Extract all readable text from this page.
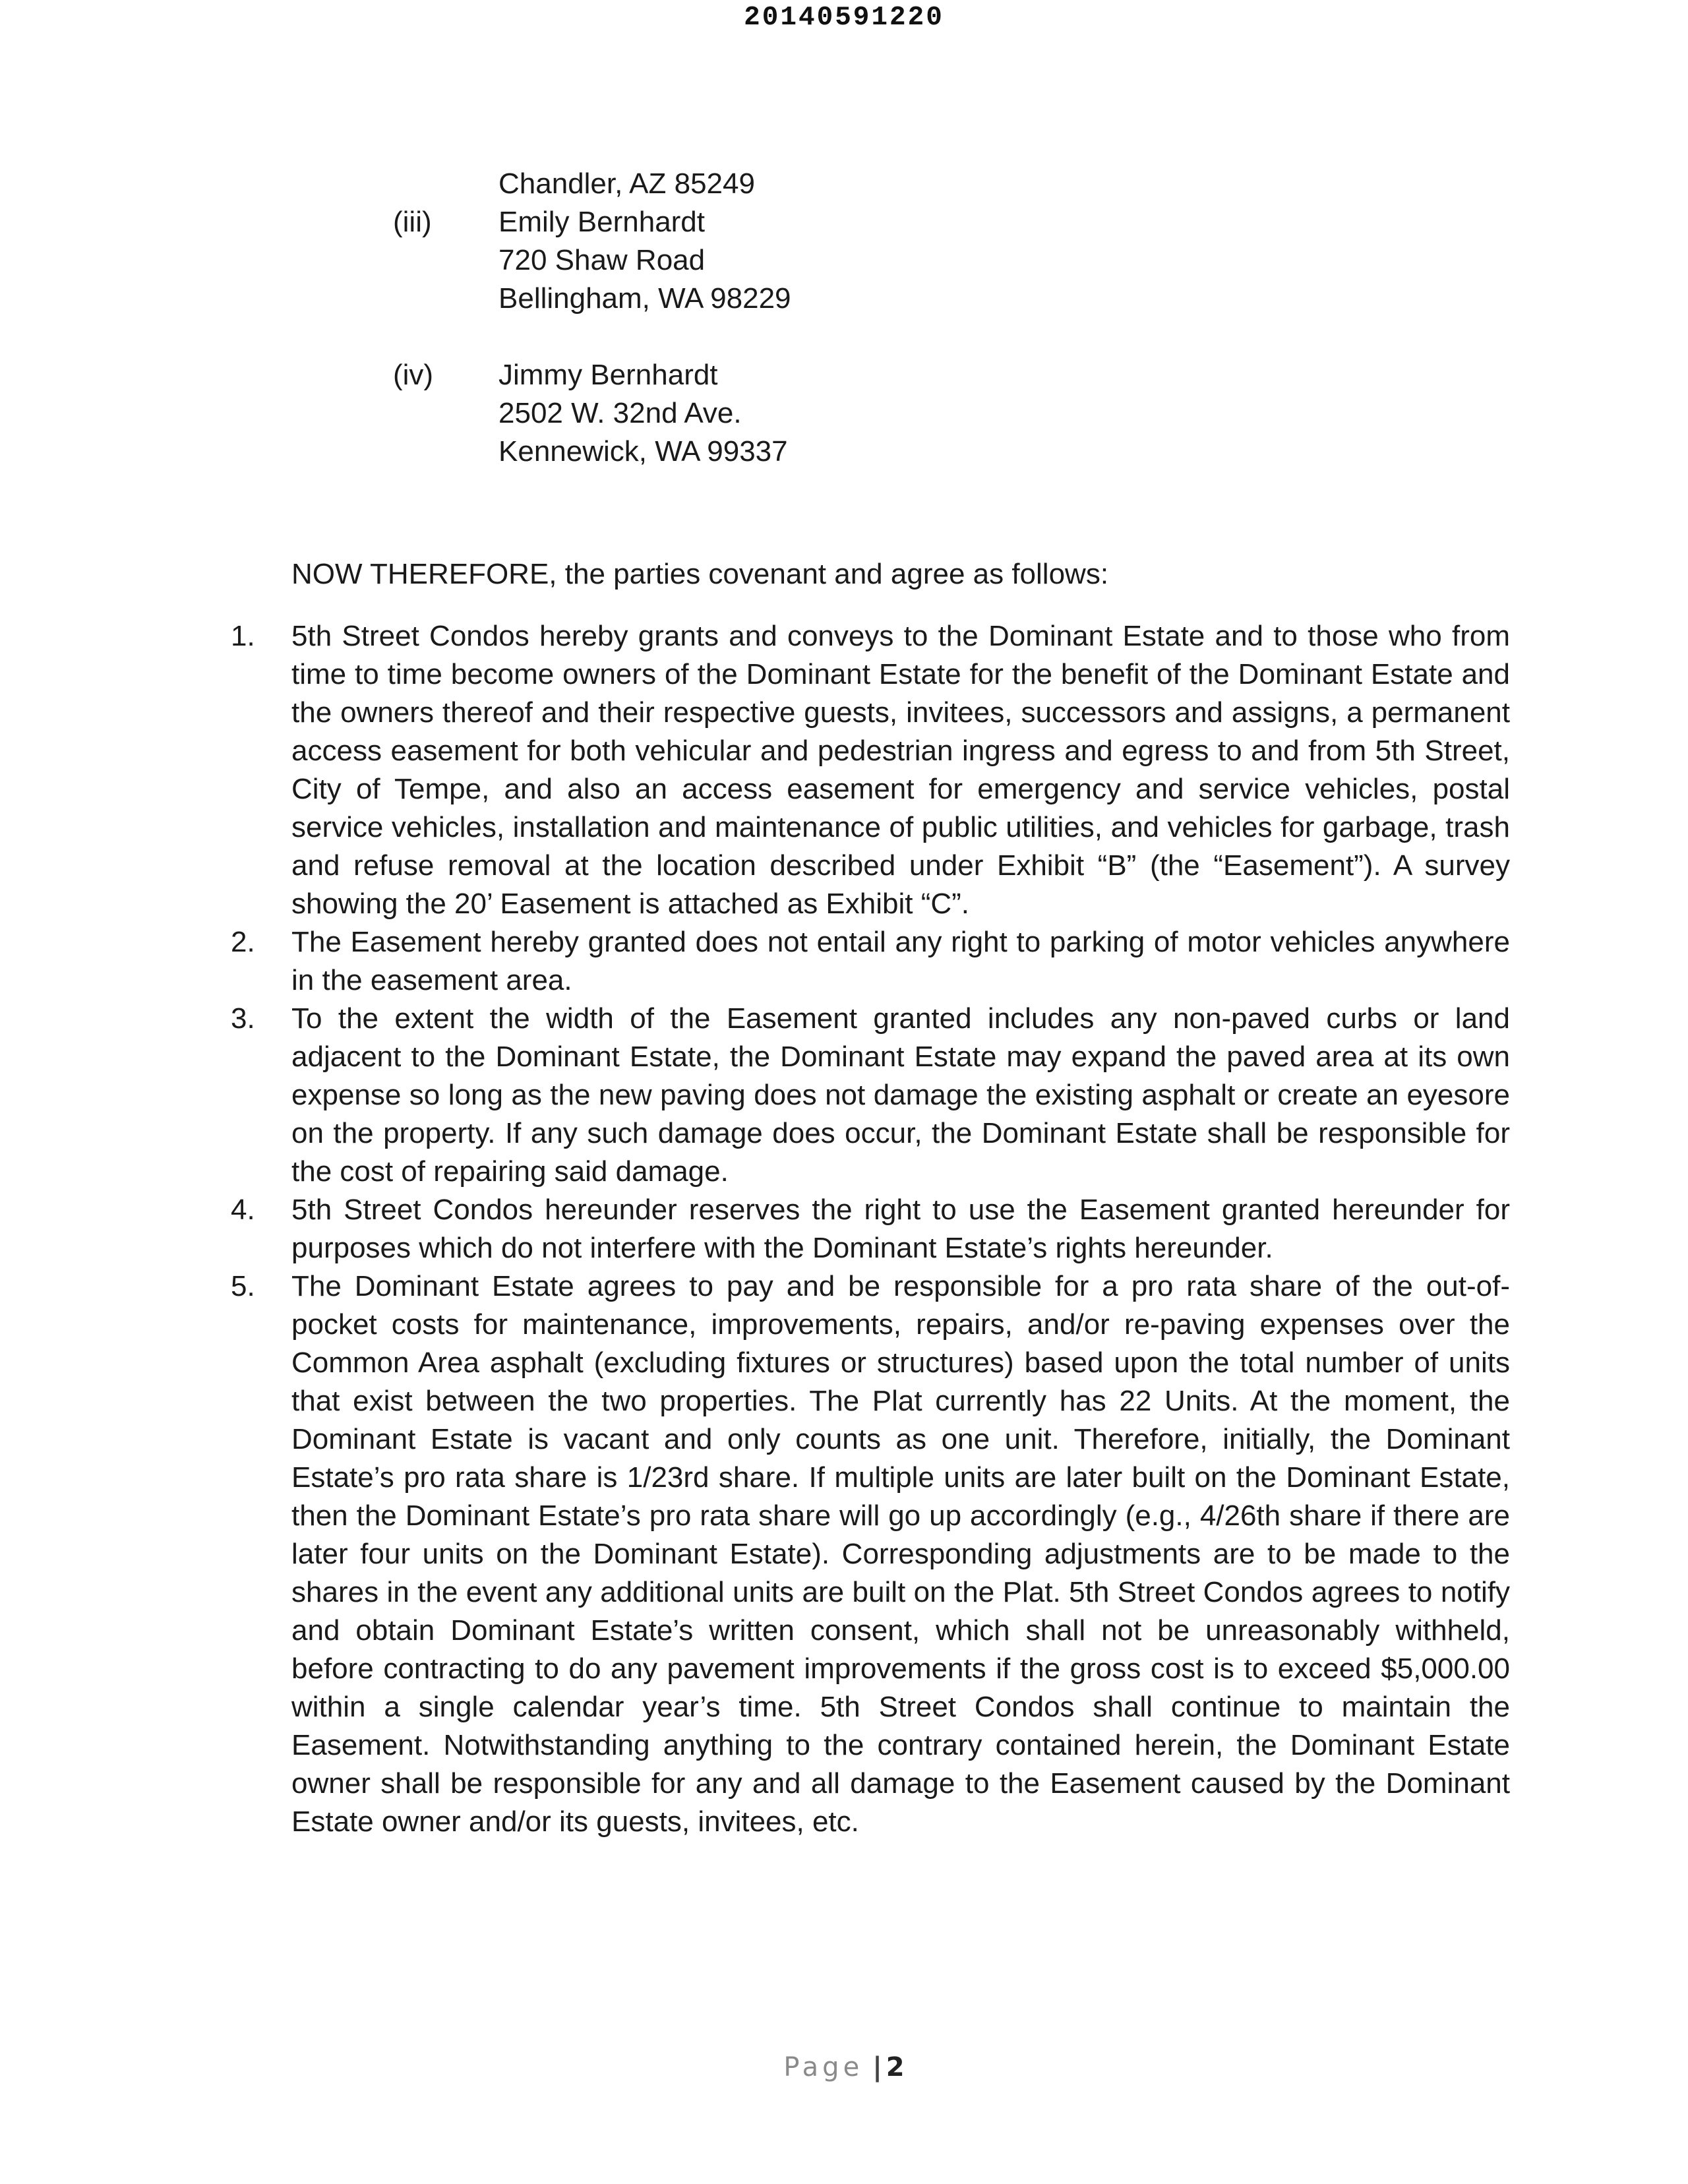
20140591220
Chandler, AZ 85249
(iii) Emily Bernhardt
720 Shaw Road
Bellingham, WA 98229
(iv) Jimmy Bernhardt
2502 W. 32nd Ave.
Kennewick, WA 99337
NOW THEREFORE, the parties covenant and agree as follows:
1. 5th Street Condos hereby grants and conveys to the Dominant Estate and to those who from time to time become owners of the Dominant Estate for the benefit of the Dominant Estate and the owners thereof and their respective guests, invitees, successors and assigns, a permanent access easement for both vehicular and pedestrian ingress and egress to and from 5th Street, City of Tempe, and also an access easement for emergency and service vehicles, postal service vehicles, installation and maintenance of public utilities, and vehicles for garbage, trash and refuse removal at the location described under Exhibit “B” (the “Easement”). A survey showing the 20’ Easement is attached as Exhibit “C”.
2. The Easement hereby granted does not entail any right to parking of motor vehicles anywhere in the easement area.
3. To the extent the width of the Easement granted includes any non-paved curbs or land adjacent to the Dominant Estate, the Dominant Estate may expand the paved area at its own expense so long as the new paving does not damage the existing asphalt or create an eyesore on the property. If any such damage does occur, the Dominant Estate shall be responsible for the cost of repairing said damage.
4. 5th Street Condos hereunder reserves the right to use the Easement granted hereunder for purposes which do not interfere with the Dominant Estate’s rights hereunder.
5. The Dominant Estate agrees to pay and be responsible for a pro rata share of the out-of-pocket costs for maintenance, improvements, repairs, and/or re-paving expenses over the Common Area asphalt (excluding fixtures or structures) based upon the total number of units that exist between the two properties. The Plat currently has 22 Units. At the moment, the Dominant Estate is vacant and only counts as one unit. Therefore, initially, the Dominant Estate’s pro rata share is 1/23rd share. If multiple units are later built on the Dominant Estate, then the Dominant Estate’s pro rata share will go up accordingly (e.g., 4/26th share if there are later four units on the Dominant Estate). Corresponding adjustments are to be made to the shares in the event any additional units are built on the Plat. 5th Street Condos agrees to notify and obtain Dominant Estate’s written consent, which shall not be unreasonably withheld, before contracting to do any pavement improvements if the gross cost is to exceed $5,000.00 within a single calendar year’s time. 5th Street Condos shall continue to maintain the Easement. Notwithstanding anything to the contrary contained herein, the Dominant Estate owner shall be responsible for any and all damage to the Easement caused by the Dominant Estate owner and/or its guests, invitees, etc.
Page | 2
